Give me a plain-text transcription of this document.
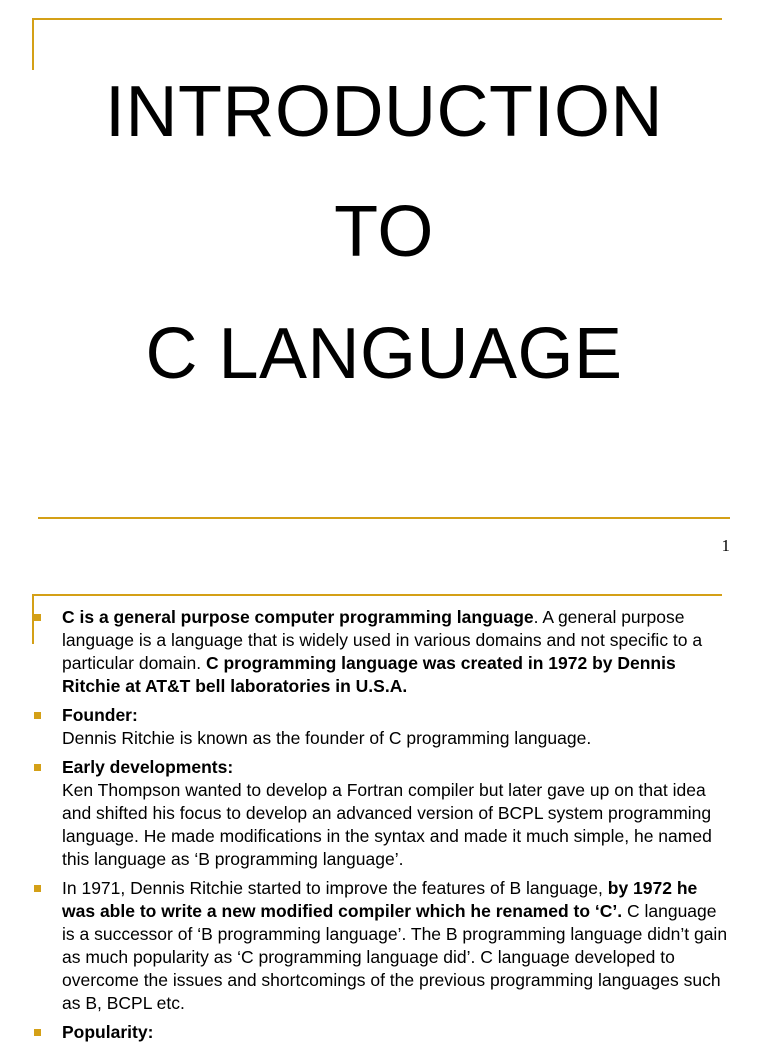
INTRODUCTION
TO
C LANGUAGE
1
C is a general purpose computer programming language. A general purpose language is a language that is widely used in various domains and not specific to a particular domain. C programming language was created in 1972 by Dennis Ritchie at AT&T bell laboratories in U.S.A.
Founder:
Dennis Ritchie is known as the founder of C programming language.
Early developments:
Ken Thompson wanted to develop a Fortran compiler but later gave up on that idea and shifted his focus to develop an advanced version of BCPL system programming language. He made modifications in the syntax and made it much simple, he named this language as ‘B programming language’.
In 1971, Dennis Ritchie started to improve the features of B language, by 1972 he was able to write a new modified compiler which he renamed to ‘C’. C language is a successor of ‘B programming language’. The B programming language didn’t gain as much popularity as ‘C programming language did’. C language developed to overcome the issues and shortcomings of the previous programming languages such as B, BCPL etc.
Popularity:
